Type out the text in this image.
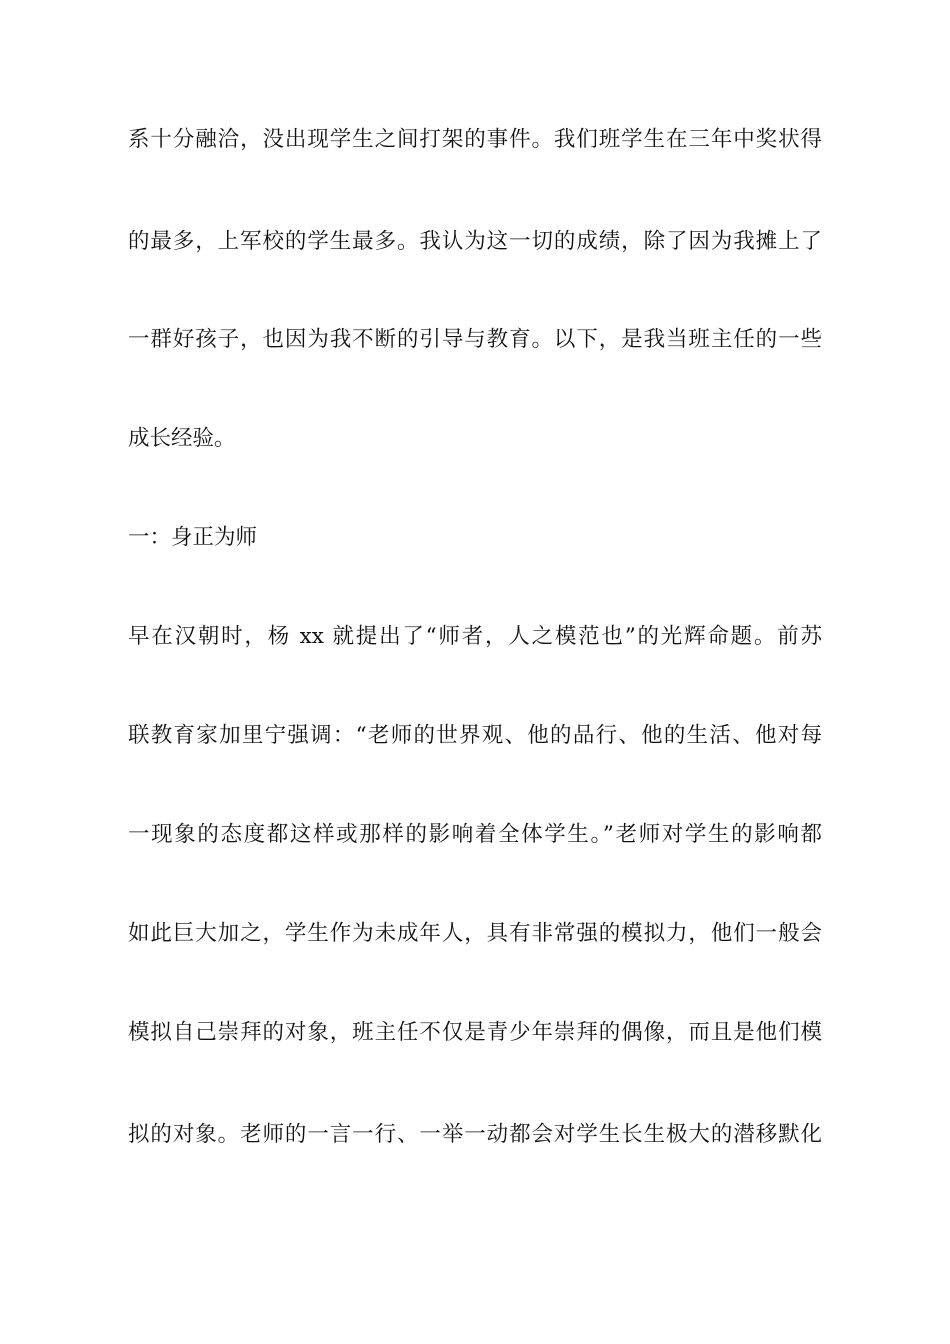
系十分融洽，没出现学生之间打架的事件。我们班学生在三年中奖状得
的最多，上军校的学生最多。我认为这一切的成绩，除了因为我摊上了
一群好孩子，也因为我不断的引导与教育。以下，是我当班主任的一些
成长经验。
一：身正为师
早在汉朝时，杨 xx 就提出了“师者，人之模范也”的光辉命题。前苏
联教育家加里宁强调：“老师的世界观、他的品行、他的生活、他对每
一现象的态度都这样或那样的影响着全体学生。”老师对学生的影响都
如此巨大加之，学生作为未成年人，具有非常强的模拟力，他们一般会
模拟自己崇拜的对象，班主任不仅是青少年崇拜的偶像，而且是他们模
拟的对象。老师的一言一行、一举一动都会对学生长生极大的潜移默化
